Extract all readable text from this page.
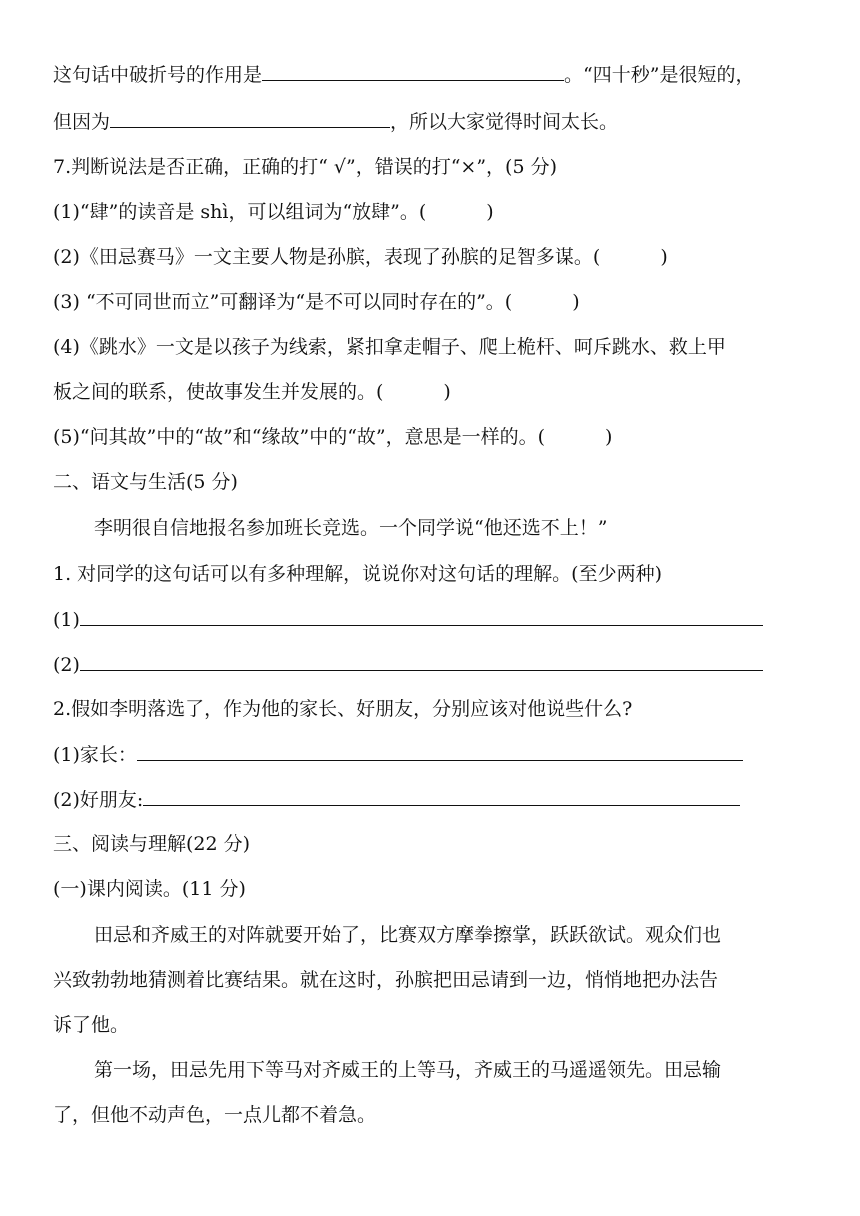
这句话中破折号的作用是	。“四十秒”是很短的，
但因为	，所以大家觉得时间太长。
7.判断说法是否正确，正确的打“ √”，错误的打“×”，(5 分)
(1)“肆”的读音是 shì，可以组词为“放肆”。(	)
(2)《田忌赛马》一文主要人物是孙膑，表现了孙膑的足智多谋。(	)
(3) “不可同世而立”可翻译为“是不可以同时存在的”。(	)
(4)《跳水》一文是以孩子为线索，紧扣拿走帽子、爬上桅杆、呵斥跳水、救上甲
板之间的联系，使故事发生并发展的。(	)
(5)“问其故”中的“故”和“缘故”中的“故”，意思是一样的。(	)
二、语文与生活(5 分)
李明很自信地报名参加班长竞选。一个同学说“他还选不上！”
1. 对同学的这句话可以有多种理解，说说你对这句话的理解。(至少两种)
(1)
(2)
2.假如李明落选了，作为他的家长、好朋友，分别应该对他说些什么?
(1)家长：
(2)好朋友:
三、阅读与理解(22 分)
(一)课内阅读。(11 分)
田忌和齐威王的对阵就要开始了，比赛双方摩拳擦掌，跃跃欲试。观众们也
兴致勃勃地猜测着比赛结果。就在这时，孙膑把田忌请到一边，悄悄地把办法告
诉了他。
第一场，田忌先用下等马对齐威王的上等马，齐威王的马遥遥领先。田忌输
了，但他不动声色，一点儿都不着急。
